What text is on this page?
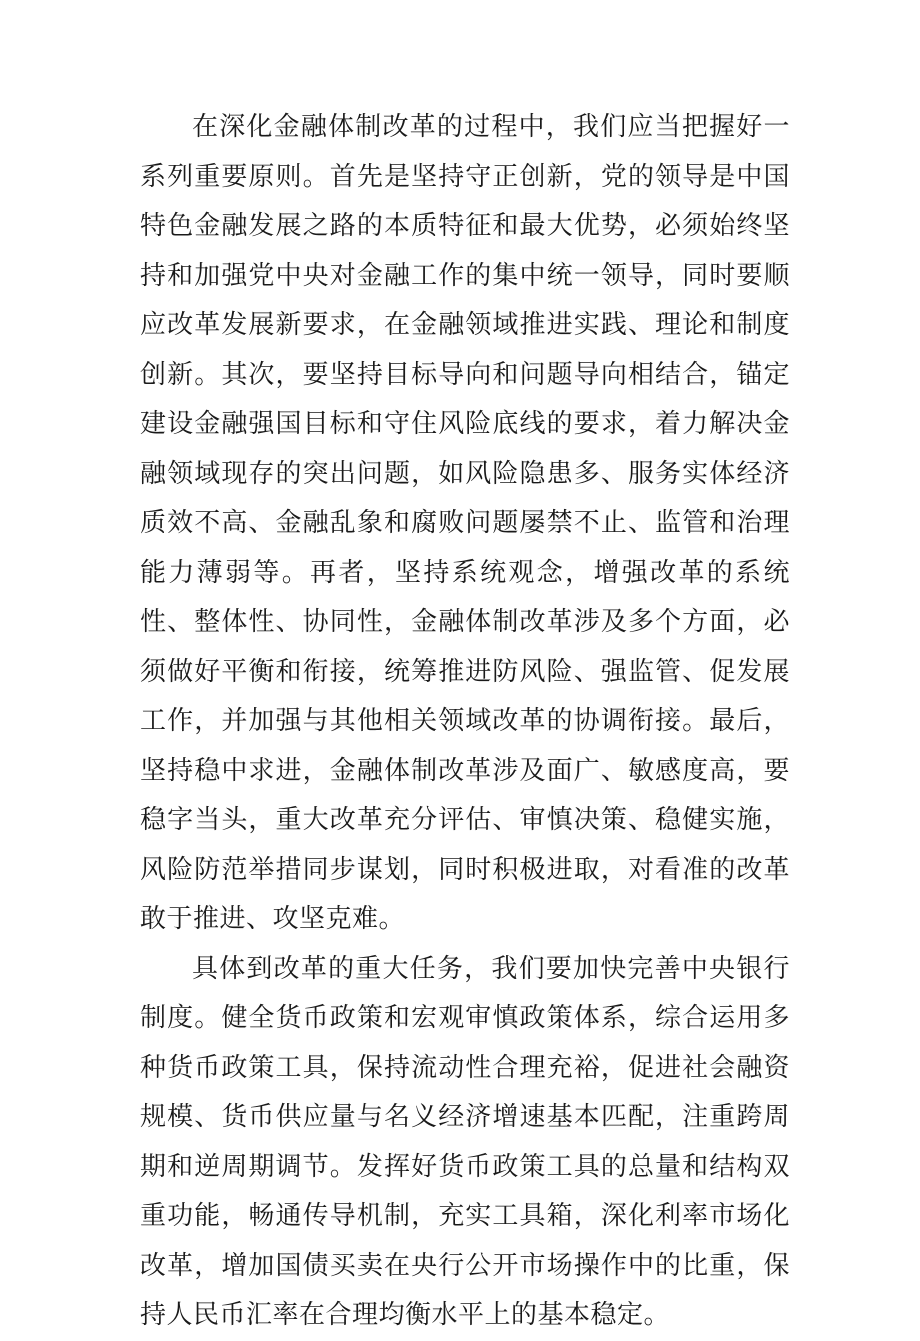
在深化金融体制改革的过程中，我们应当把握好一系列重要原则。首先是坚持守正创新，党的领导是中国特色金融发展之路的本质特征和最大优势，必须始终坚持和加强党中央对金融工作的集中统一领导，同时要顺应改革发展新要求，在金融领域推进实践、理论和制度创新。其次，要坚持目标导向和问题导向相结合，锚定建设金融强国目标和守住风险底线的要求，着力解决金融领域现存的突出问题，如风险隐患多、服务实体经济质效不高、金融乱象和腐败问题屡禁不止、监管和治理能力薄弱等。再者，坚持系统观念，增强改革的系统性、整体性、协同性，金融体制改革涉及多个方面，必须做好平衡和衔接，统筹推进防风险、强监管、促发展工作，并加强与其他相关领域改革的协调衔接。最后，坚持稳中求进，金融体制改革涉及面广、敏感度高，要稳字当头，重大改革充分评估、审慎决策、稳健实施，风险防范举措同步谋划，同时积极进取，对看准的改革敢于推进、攻坚克难。

具体到改革的重大任务，我们要加快完善中央银行制度。健全货币政策和宏观审慎政策体系，综合运用多种货币政策工具，保持流动性合理充裕，促进社会融资规模、货币供应量与名义经济增速基本匹配，注重跨周期和逆周期调节。发挥好货币政策工具的总量和结构双重功能，畅通传导机制，充实工具箱，深化利率市场化改革，增加国债买卖在央行公开市场操作中的比重，保持人民币汇率在合理均衡水平上的基本稳定。
